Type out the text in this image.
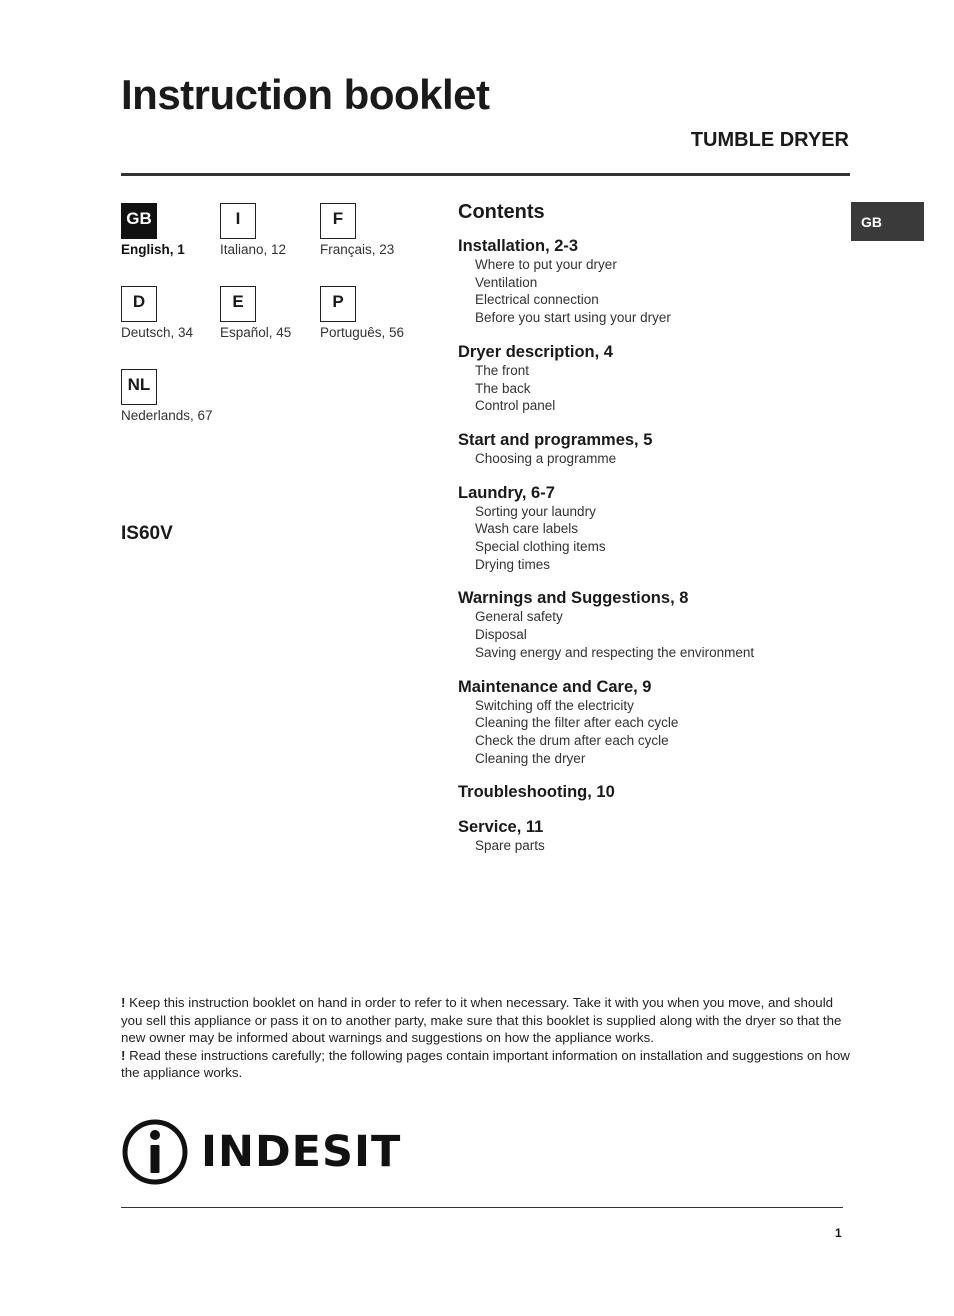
Instruction booklet
TUMBLE DRYER
GB
GB
English, 1
I
Italiano, 12
F
Français, 23
D
Deutsch, 34
E
Español, 45
P
Português, 56
NL
Nederlands, 67
IS60V
Contents
Installation, 2-3
Where to put your dryer
Ventilation
Electrical connection
Before you start using your dryer
Dryer description, 4
The front
The back
Control panel
Start and programmes, 5
Choosing a programme
Laundry, 6-7
Sorting your laundry
Wash care labels
Special clothing items
Drying times
Warnings and Suggestions, 8
General safety
Disposal
Saving energy and respecting the environment
Maintenance and Care, 9
Switching off the electricity
Cleaning the filter after each cycle
Check the drum after each cycle
Cleaning the dryer
Troubleshooting, 10
Service, 11
Spare parts

! Keep this instruction booklet on hand in order to refer to it when necessary. Take it with you when you move, and should you sell this appliance or pass it on to another party, make sure that this booklet is supplied along with the dryer so that the new owner may be informed about warnings and suggestions on how the appliance works.

! Read these instructions carefully; the following pages contain important information on installation and suggestions on how the appliance works.

INDESIT
1
